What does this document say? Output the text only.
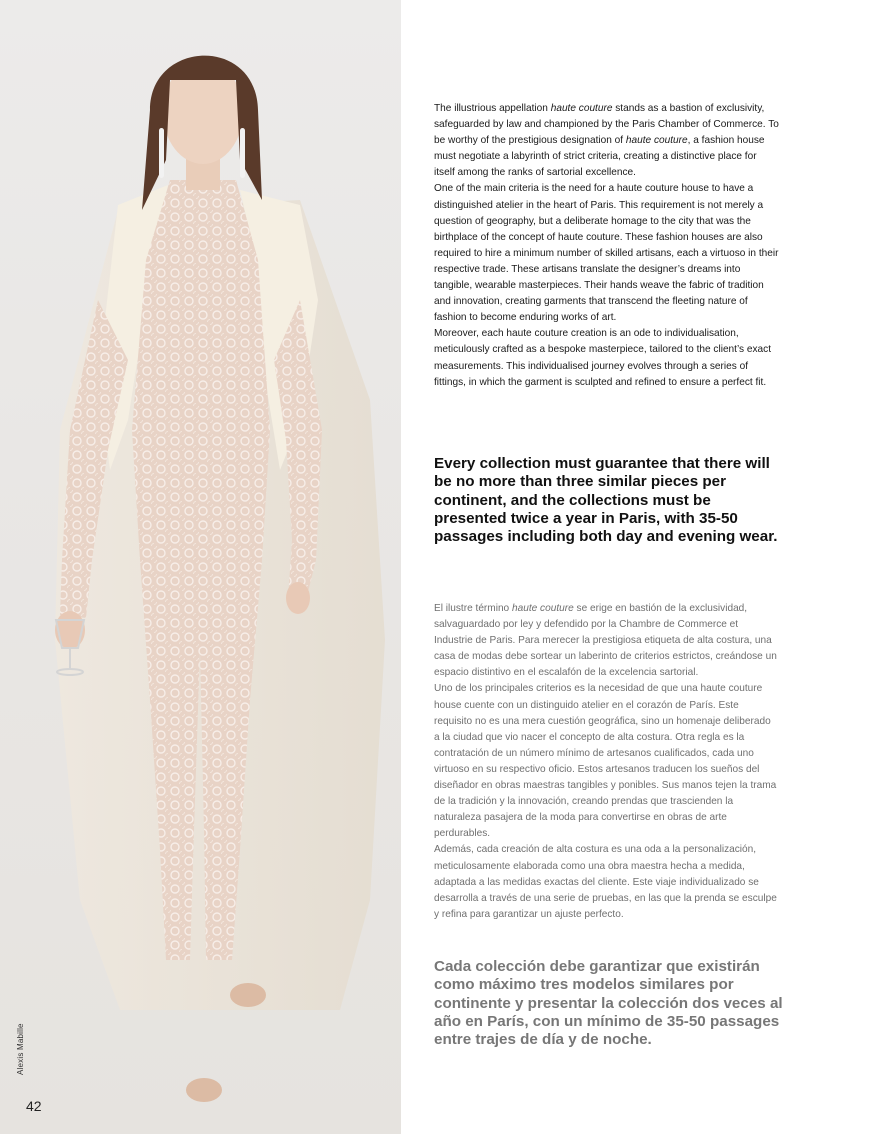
Alexis Mabille
42

The illustrious appellation haute couture stands as a bastion of exclusivity, safeguarded by law and championed by the Paris Chamber of Commerce. To be worthy of the prestigious designation of haute couture, a fashion house must negotiate a labyrinth of strict criteria, creating a distinctive place for itself among the ranks of sartorial excellence.

One of the main criteria is the need for a haute couture house to have a distinguished atelier in the heart of Paris. This requirement is not merely a question of geography, but a deliberate homage to the city that was the birthplace of the concept of haute couture. These fashion houses are also required to hire a minimum number of skilled artisans, each a virtuoso in their respective trade. These artisans translate the designer’s dreams into tangible, wearable masterpieces. Their hands weave the fabric of tradition and innovation, creating garments that transcend the fleeting nature of fashion to become enduring works of art.

Moreover, each haute couture creation is an ode to individualisation, meticulously crafted as a bespoke masterpiece, tailored to the client’s exact measurements. This individualised journey evolves through a series of fittings, in which the garment is sculpted and refined to ensure a perfect fit.

Every collection must guarantee that there will be no more than three similar pieces per continent, and the collections must be presented twice a year in Paris, with 35-50 passages including both day and evening wear.

El ilustre término haute couture se erige en bastión de la exclusividad, salvaguardado por ley y defendido por la Chambre de Commerce et Industrie de Paris. Para merecer la prestigiosa etiqueta de alta costura, una casa de modas debe sortear un laberinto de criterios estrictos, creándose un espacio distintivo en el escalafón de la excelencia sartorial.

Uno de los principales criterios es la necesidad de que una haute couture house cuente con un distinguido atelier en el corazón de París. Este requisito no es una mera cuestión geográfica, sino un homenaje deliberado a la ciudad que vio nacer el concepto de alta costura. Otra regla es la contratación de un número mínimo de artesanos cualificados, cada uno virtuoso en su respectivo oficio. Estos artesanos traducen los sueños del diseñador en obras maestras tangibles y ponibles. Sus manos tejen la trama de la tradición y la innovación, creando prendas que trascienden la naturaleza pasajera de la moda para convertirse en obras de arte perdurables.

Además, cada creación de alta costura es una oda a la personalización, meticulosamente elaborada como una obra maestra hecha a medida, adaptada a las medidas exactas del cliente. Este viaje individualizado se desarrolla a través de una serie de pruebas, en las que la prenda se esculpe y refina para garantizar un ajuste perfecto.

Cada colección debe garantizar que existirán como máximo tres modelos similares por continente y presentar la colección dos veces al año en París, con un mínimo de 35-50 passages entre trajes de día y de noche.
